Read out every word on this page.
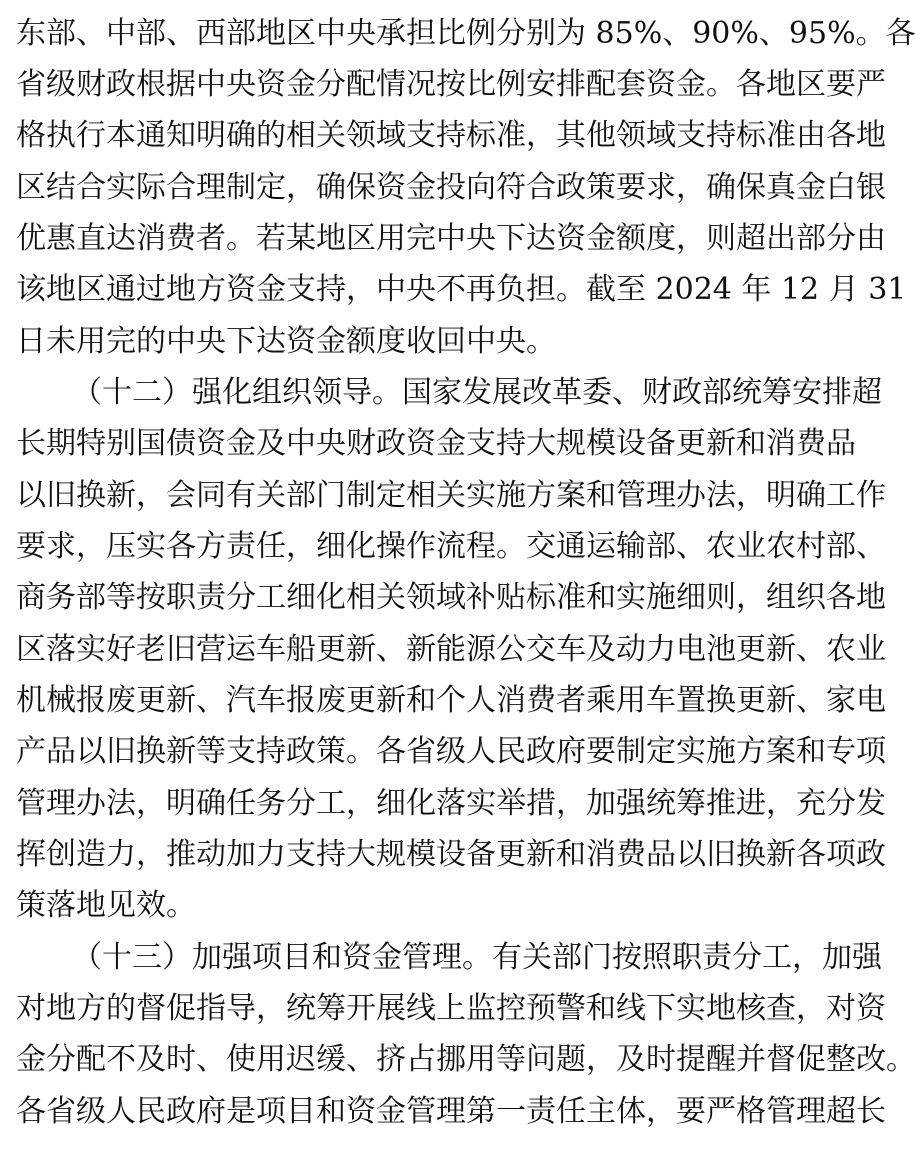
东部、中部、西部地区中央承担比例分别为 85%、90%、95%。各
省级财政根据中央资金分配情况按比例安排配套资金。各地区要严
格执行本通知明确的相关领域支持标准，其他领域支持标准由各地
区结合实际合理制定，确保资金投向符合政策要求，确保真金白银
优惠直达消费者。若某地区用完中央下达资金额度，则超出部分由
该地区通过地方资金支持，中央不再负担。截至 2024 年 12 月 31
日未用完的中央下达资金额度收回中央。
（十二）强化组织领导。国家发展改革委、财政部统筹安排超
长期特别国债资金及中央财政资金支持大规模设备更新和消费品
以旧换新，会同有关部门制定相关实施方案和管理办法，明确工作
要求，压实各方责任，细化操作流程。交通运输部、农业农村部、
商务部等按职责分工细化相关领域补贴标准和实施细则，组织各地
区落实好老旧营运车船更新、新能源公交车及动力电池更新、农业
机械报废更新、汽车报废更新和个人消费者乘用车置换更新、家电
产品以旧换新等支持政策。各省级人民政府要制定实施方案和专项
管理办法，明确任务分工，细化落实举措，加强统筹推进，充分发
挥创造力，推动加力支持大规模设备更新和消费品以旧换新各项政
策落地见效。
（十三）加强项目和资金管理。有关部门按照职责分工，加强
对地方的督促指导，统筹开展线上监控预警和线下实地核查，对资
金分配不及时、使用迟缓、挤占挪用等问题，及时提醒并督促整改。
各省级人民政府是项目和资金管理第一责任主体，要严格管理超长
